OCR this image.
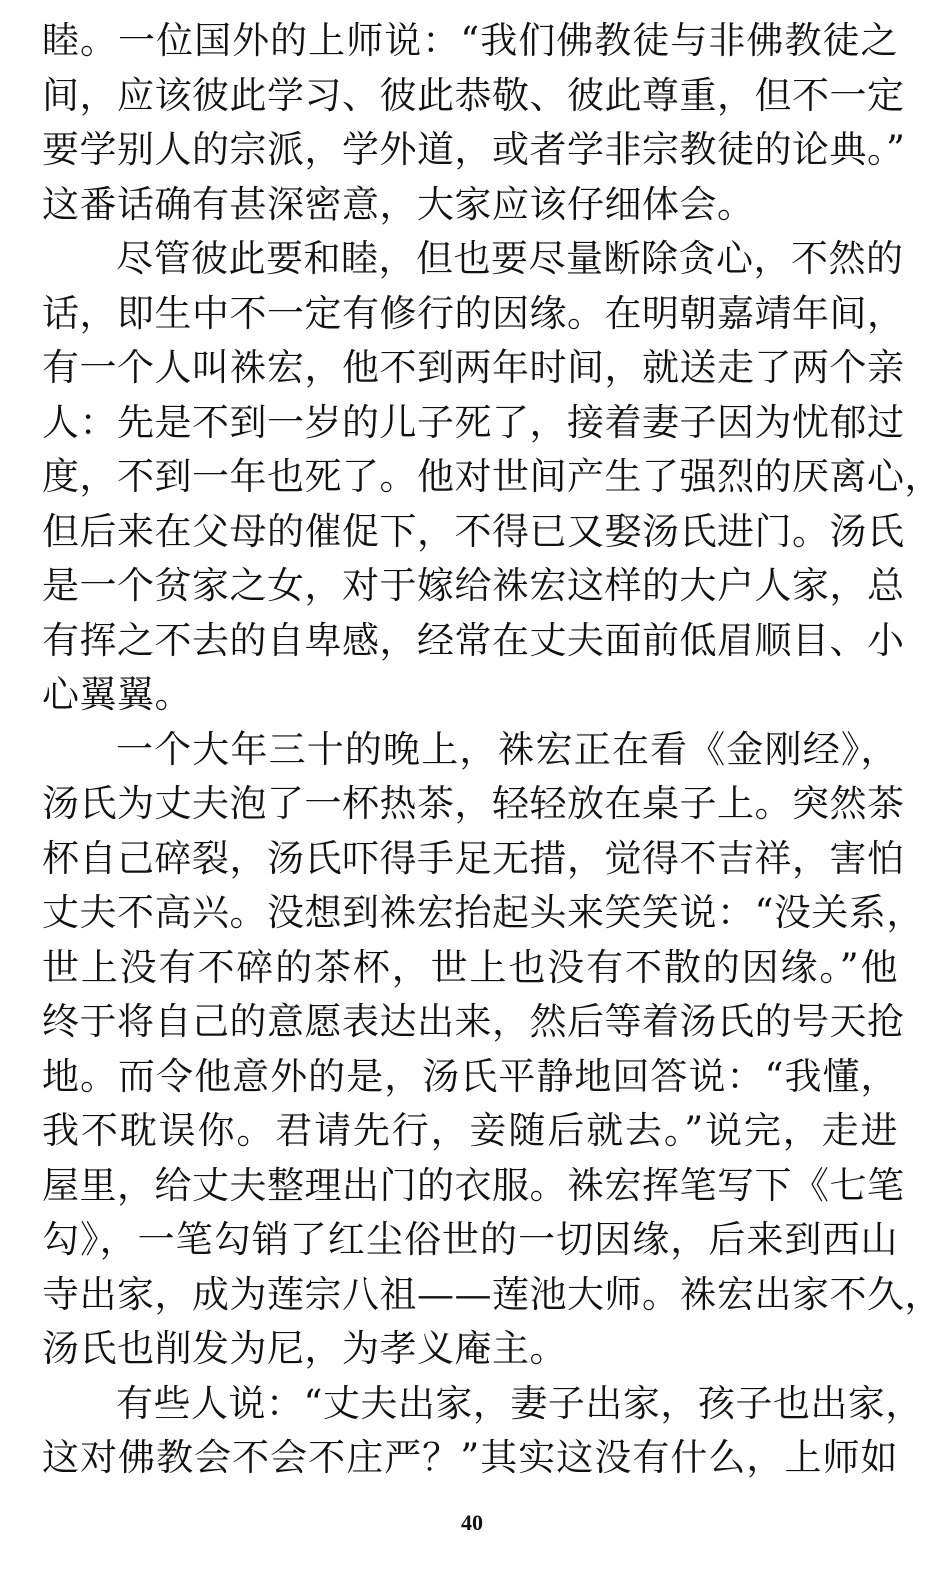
睦。一位国外的上师说：“我们佛教徒与非佛教徒之
间，应该彼此学习、彼此恭敬、彼此尊重，但不一定
要学别人的宗派，学外道，或者学非宗教徒的论典。”
这番话确有甚深密意，大家应该仔细体会。
尽管彼此要和睦，但也要尽量断除贪心，不然的
话，即生中不一定有修行的因缘。在明朝嘉靖年间，
有一个人叫袾宏，他不到两年时间，就送走了两个亲
人：先是不到一岁的儿子死了，接着妻子因为忧郁过
度，不到一年也死了。他对世间产生了强烈的厌离心，
但后来在父母的催促下，不得已又娶汤氏进门。汤氏
是一个贫家之女，对于嫁给袾宏这样的大户人家，总
有挥之不去的自卑感，经常在丈夫面前低眉顺目、小
心翼翼。
一个大年三十的晚上，袾宏正在看《金刚经》，
汤氏为丈夫泡了一杯热茶，轻轻放在桌子上。突然茶
杯自己碎裂，汤氏吓得手足无措，觉得不吉祥，害怕
丈夫不高兴。没想到袾宏抬起头来笑笑说：“没关系，
世上没有不碎的茶杯，世上也没有不散的因缘。”他
终于将自己的意愿表达出来，然后等着汤氏的号天抢
地。而令他意外的是，汤氏平静地回答说：“我懂，
我不耽误你。君请先行，妾随后就去。”说完，走进
屋里，给丈夫整理出门的衣服。袾宏挥笔写下《七笔
勾》，一笔勾销了红尘俗世的一切因缘，后来到西山
寺出家，成为莲宗八祖——莲池大师。袾宏出家不久，
汤氏也削发为尼，为孝义庵主。
有些人说：“丈夫出家，妻子出家，孩子也出家，
这对佛教会不会不庄严？”其实这没有什么，上师如
40
